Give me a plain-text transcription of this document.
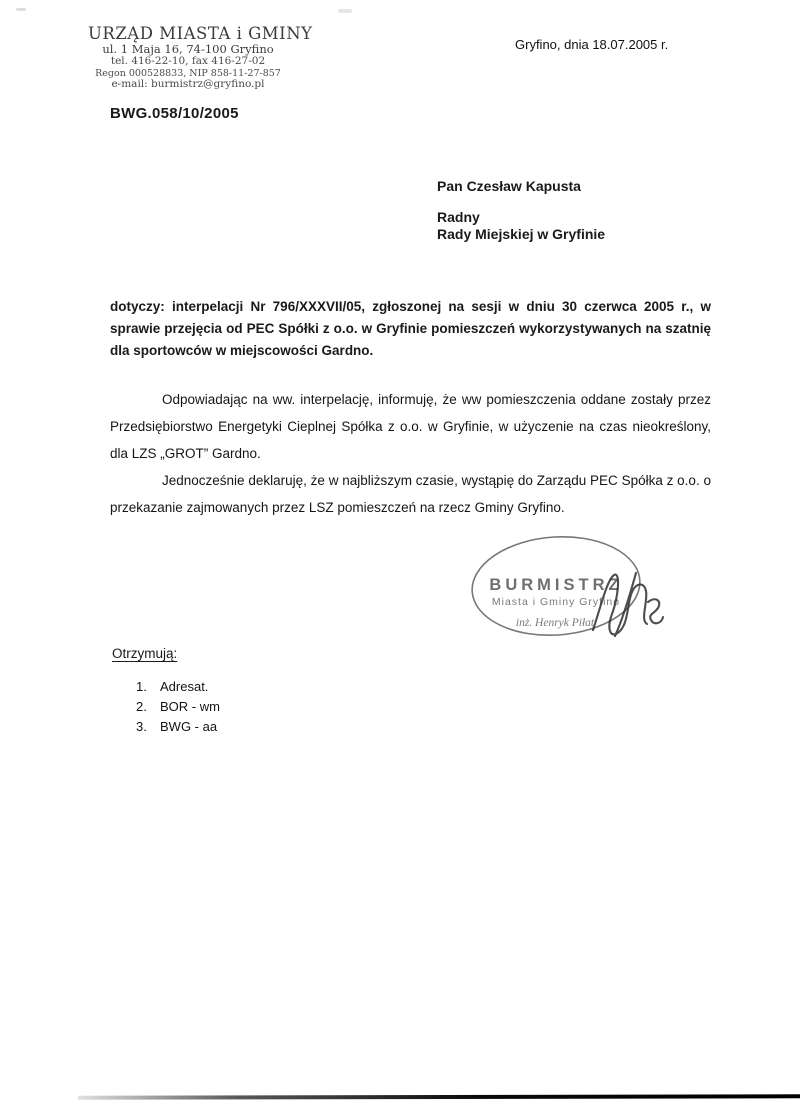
URZĄD MIASTA i GMINY
ul. 1 Maja 16, 74-100 Gryfino
tel. 416-22-10, fax 416-27-02
Regon 000528833, NIP 858-11-27-857
e-mail: burmistrz@gryfino.pl
Gryfino, dnia 18.07.2005 r.
BWG.058/10/2005
Pan Czesław Kapusta
Radny
Rady Miejskiej w Gryfinie
dotyczy: interpelacji Nr 796/XXXVII/05, zgłoszonej na sesji w dniu 30 czerwca 2005 r., w sprawie przejęcia od PEC Spółki z o.o. w Gryfinie pomieszczeń wykorzystywanych na szatnię dla sportowców w miejscowości Gardno.

Odpowiadając na ww. interpelację, informuję, że ww pomieszczenia oddane zostały przez Przedsiębiorstwo Energetyki Cieplnej Spółka z o.o. w Gryfinie, w użyczenie na czas nieokreślony, dla LZS „GROT” Gardno.

Jednocześnie deklaruję, że w najbliższym czasie, wystąpię do Zarządu PEC Spółka z o.o. o przekazanie zajmowanych przez LSZ pomieszczeń na rzecz Gminy Gryfino.

BURMISTRZ
Miasta i Gminy Gryfino
inż. Henryk Piłat
Otrzymują:
1.	Adresat.
2.	BOR - wm
3.	BWG - aa
